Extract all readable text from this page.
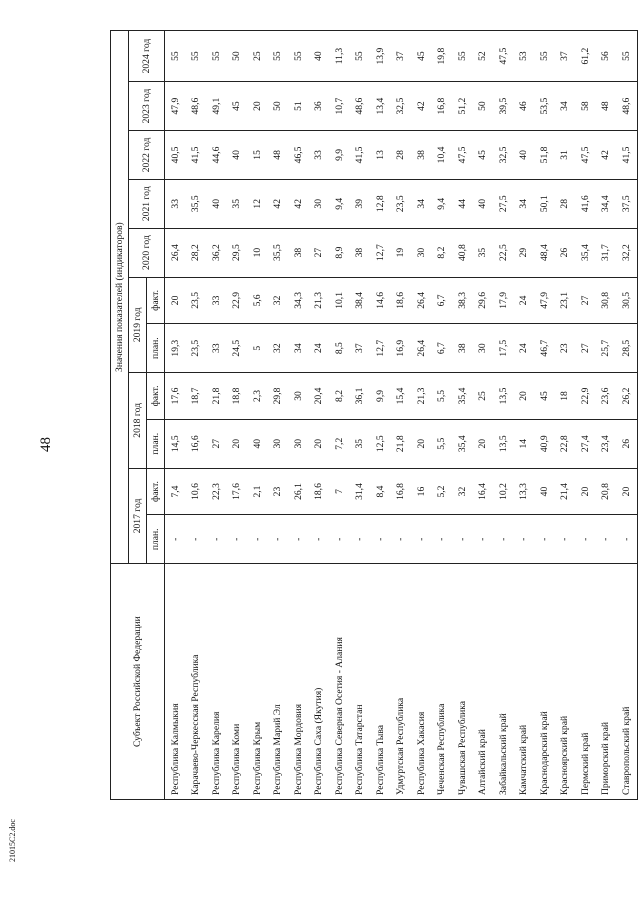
48
Субъект Российской Федерации	Значения показателей (индикаторов)										
	2017 год		2018 год		2019 год		2020 год	2021 год	2022 год	2023 год	2024 год
	план.	факт.	план.	факт.	план.	факт.					

Республика Калмыкия	-	7,4	14,5	17,6	19,3	20	26,4	33	40,5	47,9	55
Карачаево-Черкесская Республика	-	10,6	16,6	18,7	23,5	23,5	28,2	35,5	41,5	48,6	55
Республика Карелия	-	22,3	27	21,8	33	33	36,2	40	44,6	49,1	55
Республика Коми	-	17,6	20	18,8	24,5	22,9	29,5	35	40	45	50
Республика Крым	-	2,1	40	2,3	5	5,6	10	12	15	20	25
Республика Марий Эл	-	23	30	29,8	32	32	35,5	42	48	50	55
Республика Мордовия	-	26,1	30	30	34	34,3	38	42	46,5	51	55
Республика Саха (Якутия)	-	18,6	20	20,4	24	21,3	27	30	33	36	40
Республика Северная Осетия - Алания	-	7	7,2	8,2	8,5	10,1	8,9	9,4	9,9	10,7	11,3
Республика Татарстан	-	31,4	35	36,1	37	38,4	38	39	41,5	48,6	55
Республика Тыва	-	8,4	12,5	9,9	12,7	14,6	12,7	12,8	13	13,4	13,9
Удмуртская Республика	-	16,8	21,8	15,4	16,9	18,6	19	23,5	28	32,5	37
Республика Хакасия	-	16	20	21,3	26,4	26,4	30	34	38	42	45
Чеченская Республика	-	5,2	5,5	5,5	6,7	6,7	8,2	9,4	10,4	16,8	19,8
Чувашская Республика	-	32	35,4	35,4	38	38,3	40,8	44	47,5	51,2	55
Алтайский край	-	16,4	20	25	30	29,6	35	40	45	50	52
Забайкальский край	-	10,2	13,5	13,5	17,5	17,9	22,5	27,5	32,5	39,5	47,5
Камчатский край	-	13,3	14	20	24	24	29	34	40	46	53
Краснодарский край	-	40	40,9	45	46,7	47,9	48,4	50,1	51,8	53,5	55
Красноярский край	-	21,4	22,8	18	23	23,1	26	28	31	34	37
Пермский край	-	20	27,4	22,9	27	27	35,4	41,6	47,5	58	61,2
Приморский край	-	20,8	23,4	23,6	25,7	30,8	31,7	34,4	42	48	56
Ставропольский край	-	20	26	26,2	28,5	30,5	32,2	37,5	41,5	48,6	55
21015С2.doc
